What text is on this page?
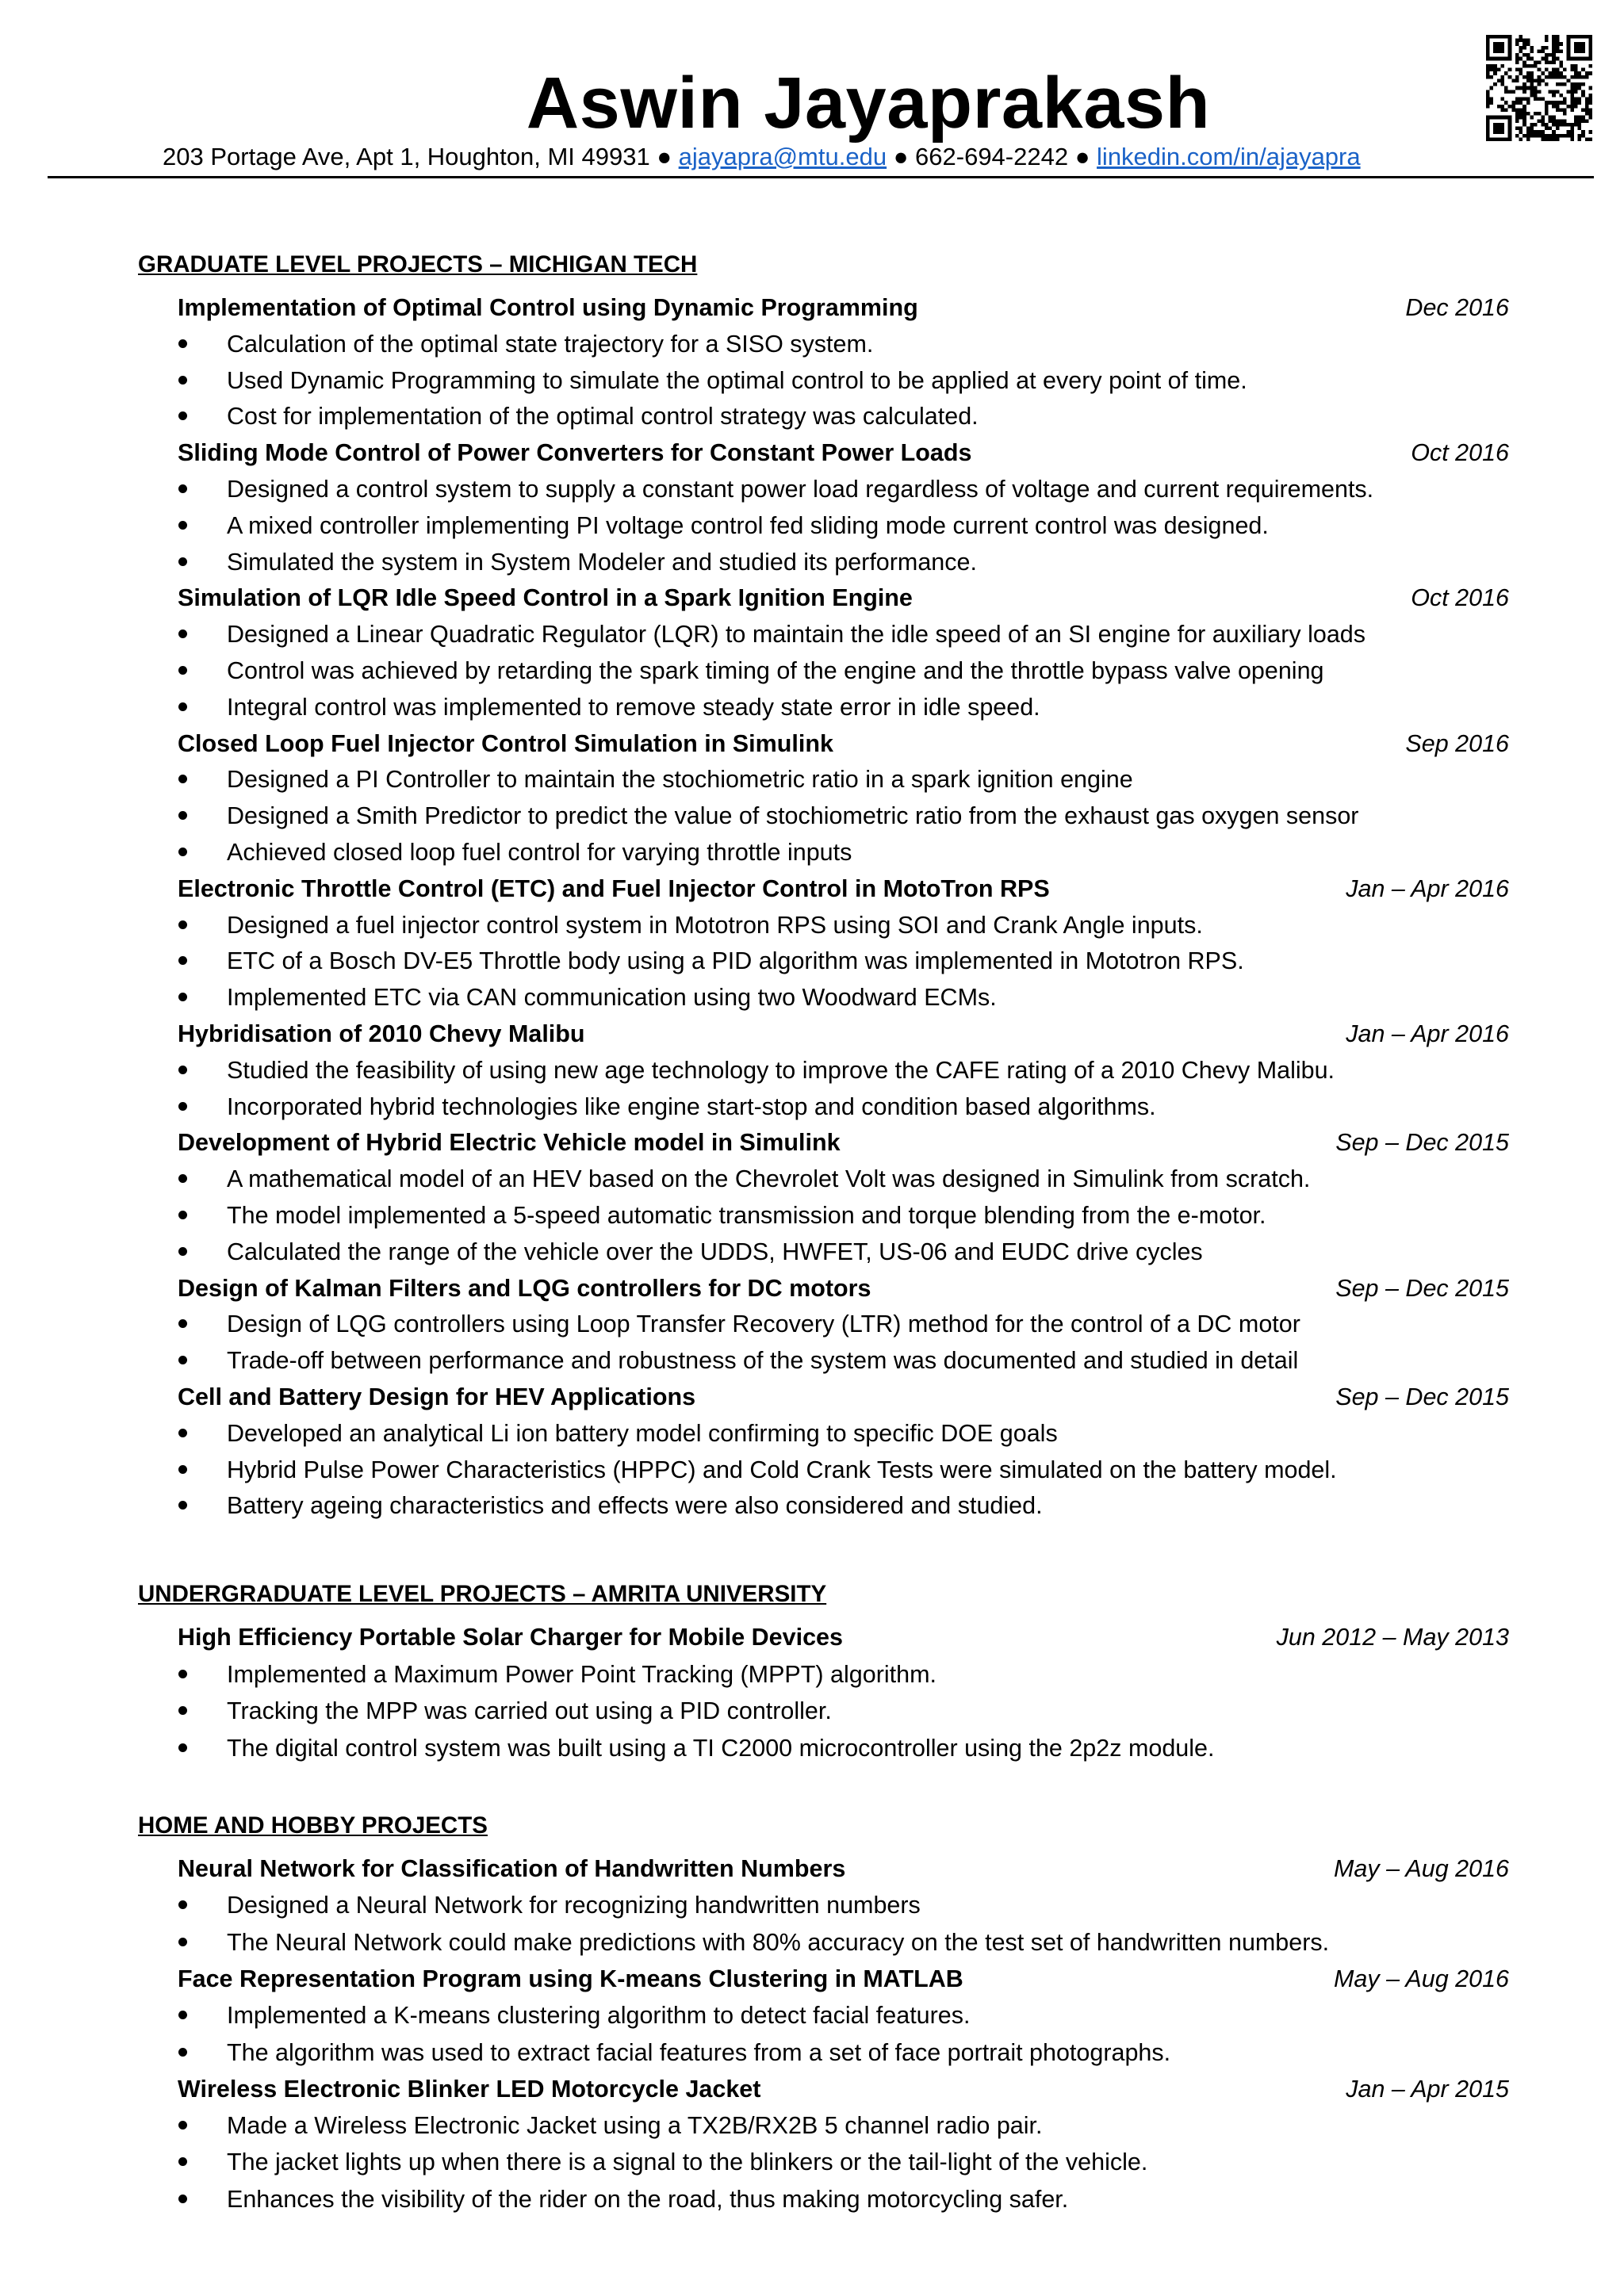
Aswin Jayaprakash
203 Portage Ave, Apt 1, Houghton, MI 49931 ● ajayapra@mtu.edu ● 662-694-2242 ● linkedin.com/in/ajayapra
GRADUATE LEVEL PROJECTS – MICHIGAN TECH
Implementation of Optimal Control using Dynamic Programming	Dec 2016
Calculation of the optimal state trajectory for a SISO system.
Used Dynamic Programming to simulate the optimal control to be applied at every point of time.
Cost for implementation of the optimal control strategy was calculated.
Sliding Mode Control of Power Converters for Constant Power Loads	Oct 2016
Designed a control system to supply a constant power load regardless of voltage and current requirements.
A mixed controller implementing PI voltage control fed sliding mode current control was designed.
Simulated the system in System Modeler and studied its performance.
Simulation of LQR Idle Speed Control in a Spark Ignition Engine	Oct 2016
Designed a Linear Quadratic Regulator (LQR) to maintain the idle speed of an SI engine for auxiliary loads
Control was achieved by retarding the spark timing of the engine and the throttle bypass valve opening
Integral control was implemented to remove steady state error in idle speed.
Closed Loop Fuel Injector Control Simulation in Simulink	Sep 2016
Designed a PI Controller to maintain the stochiometric ratio in a spark ignition engine
Designed a Smith Predictor to predict the value of stochiometric ratio from the exhaust gas oxygen sensor
Achieved closed loop fuel control for varying throttle inputs
Electronic Throttle Control (ETC) and Fuel Injector Control in MotoTron RPS	Jan – Apr 2016
Designed a fuel injector control system in Mototron RPS using SOI and Crank Angle inputs.
ETC of a Bosch DV-E5 Throttle body using a PID algorithm was implemented in Mototron RPS.
Implemented ETC via CAN communication using two Woodward ECMs.
Hybridisation of 2010 Chevy Malibu	Jan – Apr 2016
Studied the feasibility of using new age technology to improve the CAFE rating of a 2010 Chevy Malibu.
Incorporated hybrid technologies like engine start-stop and condition based algorithms.
Development of Hybrid Electric Vehicle model in Simulink	Sep – Dec 2015
A mathematical model of an HEV based on the Chevrolet Volt was designed in Simulink from scratch.
The model implemented a 5-speed automatic transmission and torque blending from the e-motor.
Calculated the range of the vehicle over the UDDS, HWFET, US-06 and EUDC drive cycles
Design of Kalman Filters and LQG controllers for DC motors	Sep – Dec 2015
Design of LQG controllers using Loop Transfer Recovery (LTR) method for the control of a DC motor
Trade-off between performance and robustness of the system was documented and studied in detail
Cell and Battery Design for HEV Applications	Sep – Dec 2015
Developed an analytical Li ion battery model confirming to specific DOE goals
Hybrid Pulse Power Characteristics (HPPC) and Cold Crank Tests were simulated on the battery model.
Battery ageing characteristics and effects were also considered and studied.
UNDERGRADUATE LEVEL PROJECTS – AMRITA UNIVERSITY
High Efficiency Portable Solar Charger for Mobile Devices	Jun 2012 – May 2013
Implemented a Maximum Power Point Tracking (MPPT) algorithm.
Tracking the MPP was carried out using a PID controller.
The digital control system was built using a TI C2000 microcontroller using the 2p2z module.
HOME AND HOBBY PROJECTS
Neural Network for Classification of Handwritten Numbers	May – Aug 2016
Designed a Neural Network for recognizing handwritten numbers
The Neural Network could make predictions with 80% accuracy on the test set of handwritten numbers.
Face Representation Program using K-means Clustering in MATLAB	May – Aug 2016
Implemented a K-means clustering algorithm to detect facial features.
The algorithm was used to extract facial features from a set of face portrait photographs.
Wireless Electronic Blinker LED Motorcycle Jacket	Jan – Apr 2015
Made a Wireless Electronic Jacket using a TX2B/RX2B 5 channel radio pair.
The jacket lights up when there is a signal to the blinkers or the tail-light of the vehicle.
Enhances the visibility of the rider on the road, thus making motorcycling safer.
